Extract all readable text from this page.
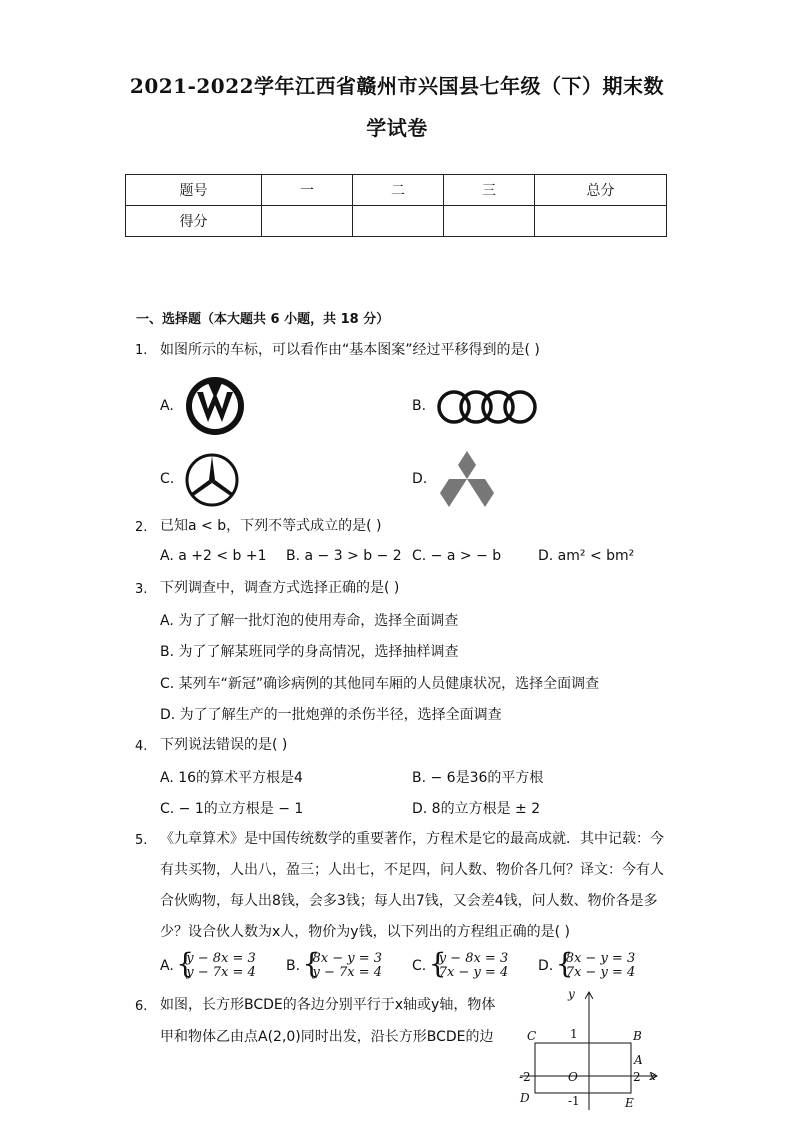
2021-2022学年江西省赣州市兴国县七年级（下）期末数
学试卷
题号	一	二	三	总分
得分				
一、选择题（本大题共 6 小题，共 18 分）
1. 如图所示的车标，可以看作由“基本图案”经过平移得到的是( )
A.	B.
C.	D.
2. 已知a < b，下列不等式成立的是( )
A. a +2 < b +1 B. a − 3 > b − 2 C. − a > − b	D. am² < bm²
3. 下列调查中，调查方式选择正确的是( )
A. 为了了解一批灯泡的使用寿命，选择全面调查
B. 为了了解某班同学的身高情况，选择抽样调查
C. 某列车“新冠”确诊病例的其他同车厢的人员健康状况，选择全面调查
D. 为了了解生产的一批炮弹的杀伤半径，选择全面调查
4. 下列说法错误的是( )
A. 16的算术平方根是4	B. − 6是36的平方根
C. − 1的立方根是 − 1	D. 8的立方根是 ± 2
5. 《九章算术》是中国传统数学的重要著作，方程术是它的最高成就．其中记载：今
有共买物，人出八，盈三；人出七，不足四，问人数、物价各几何？译文：今有人
合伙购物，每人出8钱，会多3钱；每人出7钱，又会差4钱，问人数、物价各是多
少？设合伙人数为x人，物价为y钱，以下列出的方程组正确的是( )
A. { y − 8x = 3
y − 7x = 4 B. { 8x − y = 3
y − 7x = 4 C. { y − 8x = 3
7x − y = 4 D. { 8x − y = 3
7x − y = 4
6. 如图，长方形BCDE的各边分别平行于x轴或y轴，物体
甲和物体乙由点A(2,0)同时出发，沿长方形BCDE的边
y
x
C	B
A
O
D	E
1
-2	2
-1
